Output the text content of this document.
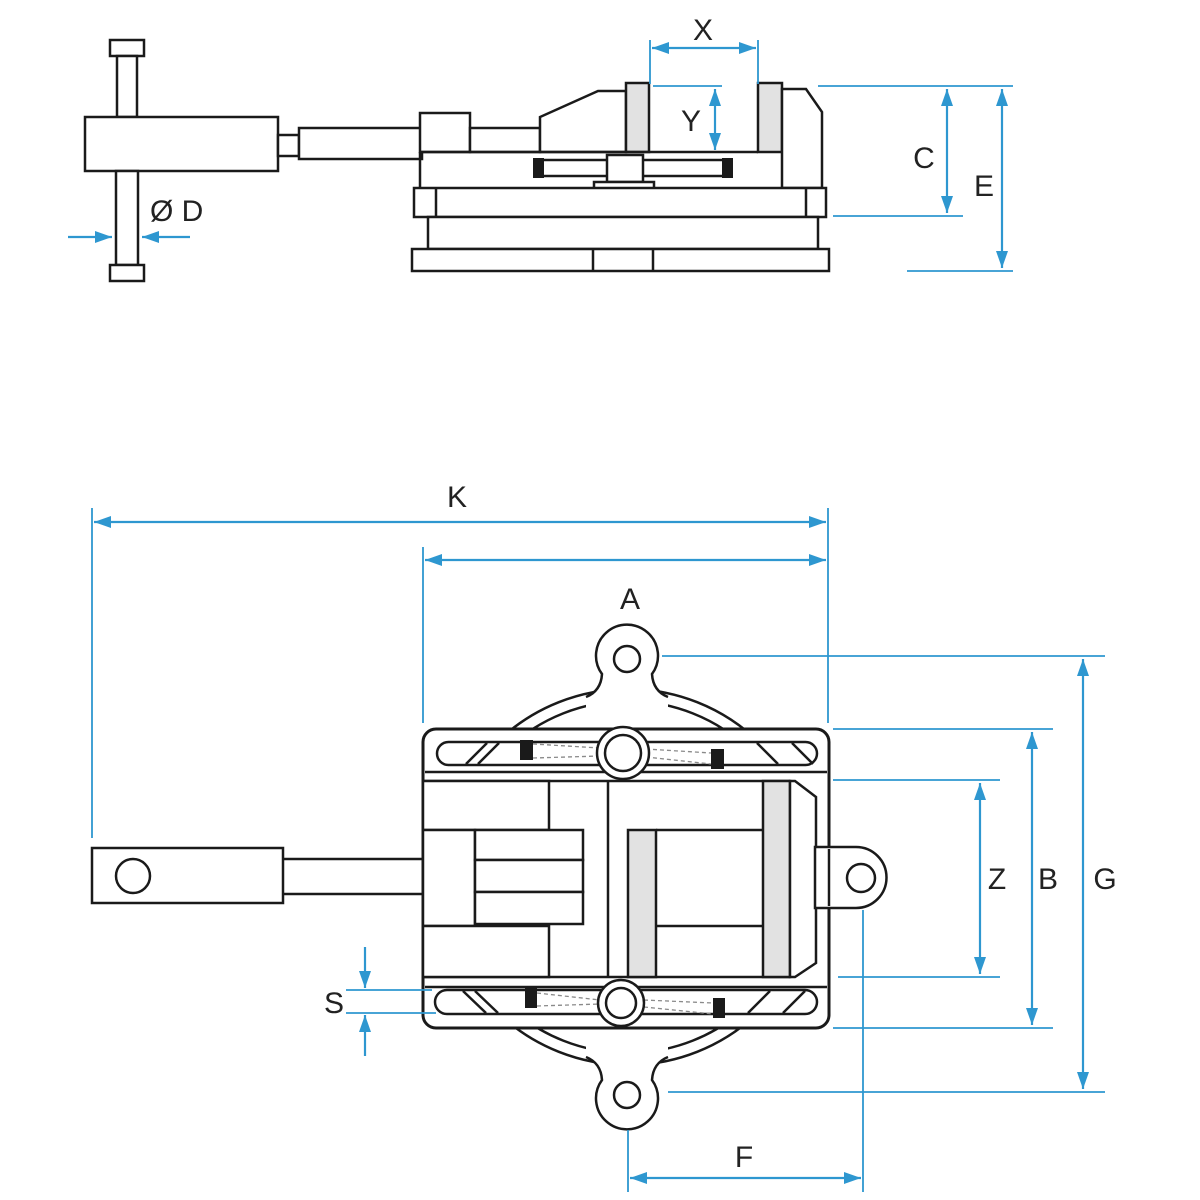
X
Y
C
E
Ø D
K
A
Z B G
S
F
